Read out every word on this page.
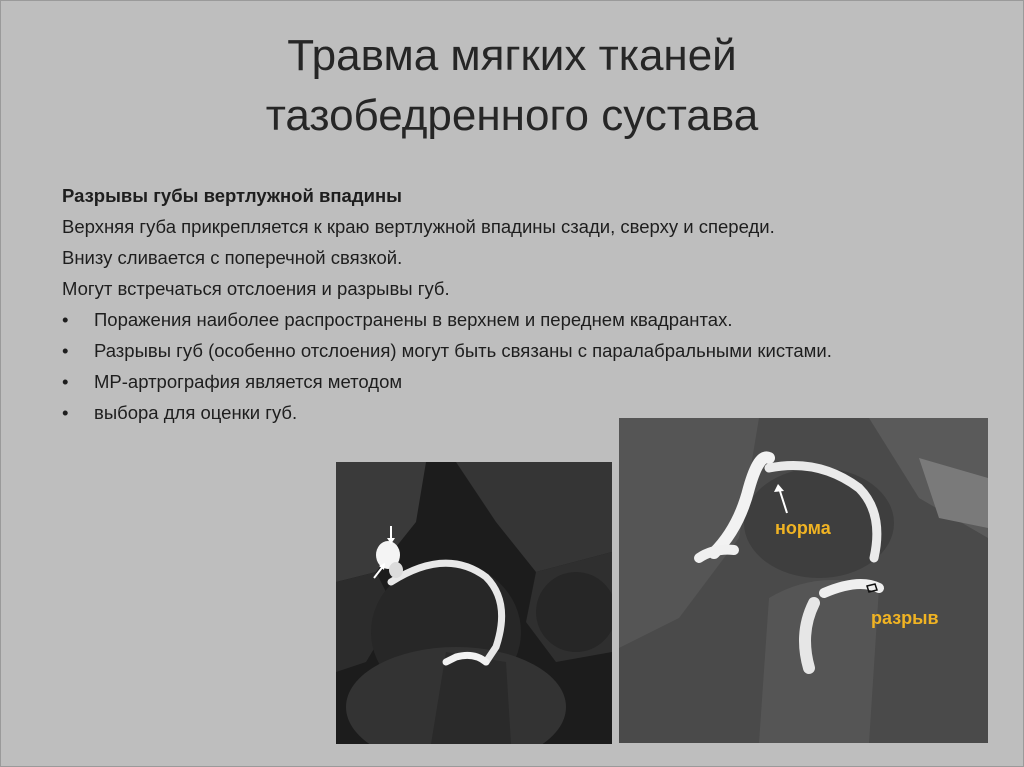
Травма мягких тканей
тазобедренного сустава

Разрывы губы вертлужной впадины

Верхняя губа прикрепляется к краю вертлужной впадины сзади, сверху и спереди.

Внизу сливается с поперечной связкой.

Могут встречаться отслоения и разрывы губ.

• Поражения наиболее распространены в верхнем и переднем квадрантах.
• Разрывы губ (особенно отслоения) могут быть связаны с паралабральными кистами.
• МР-артрография является методом
• выбора для оценки губ.
норма
разрыв
